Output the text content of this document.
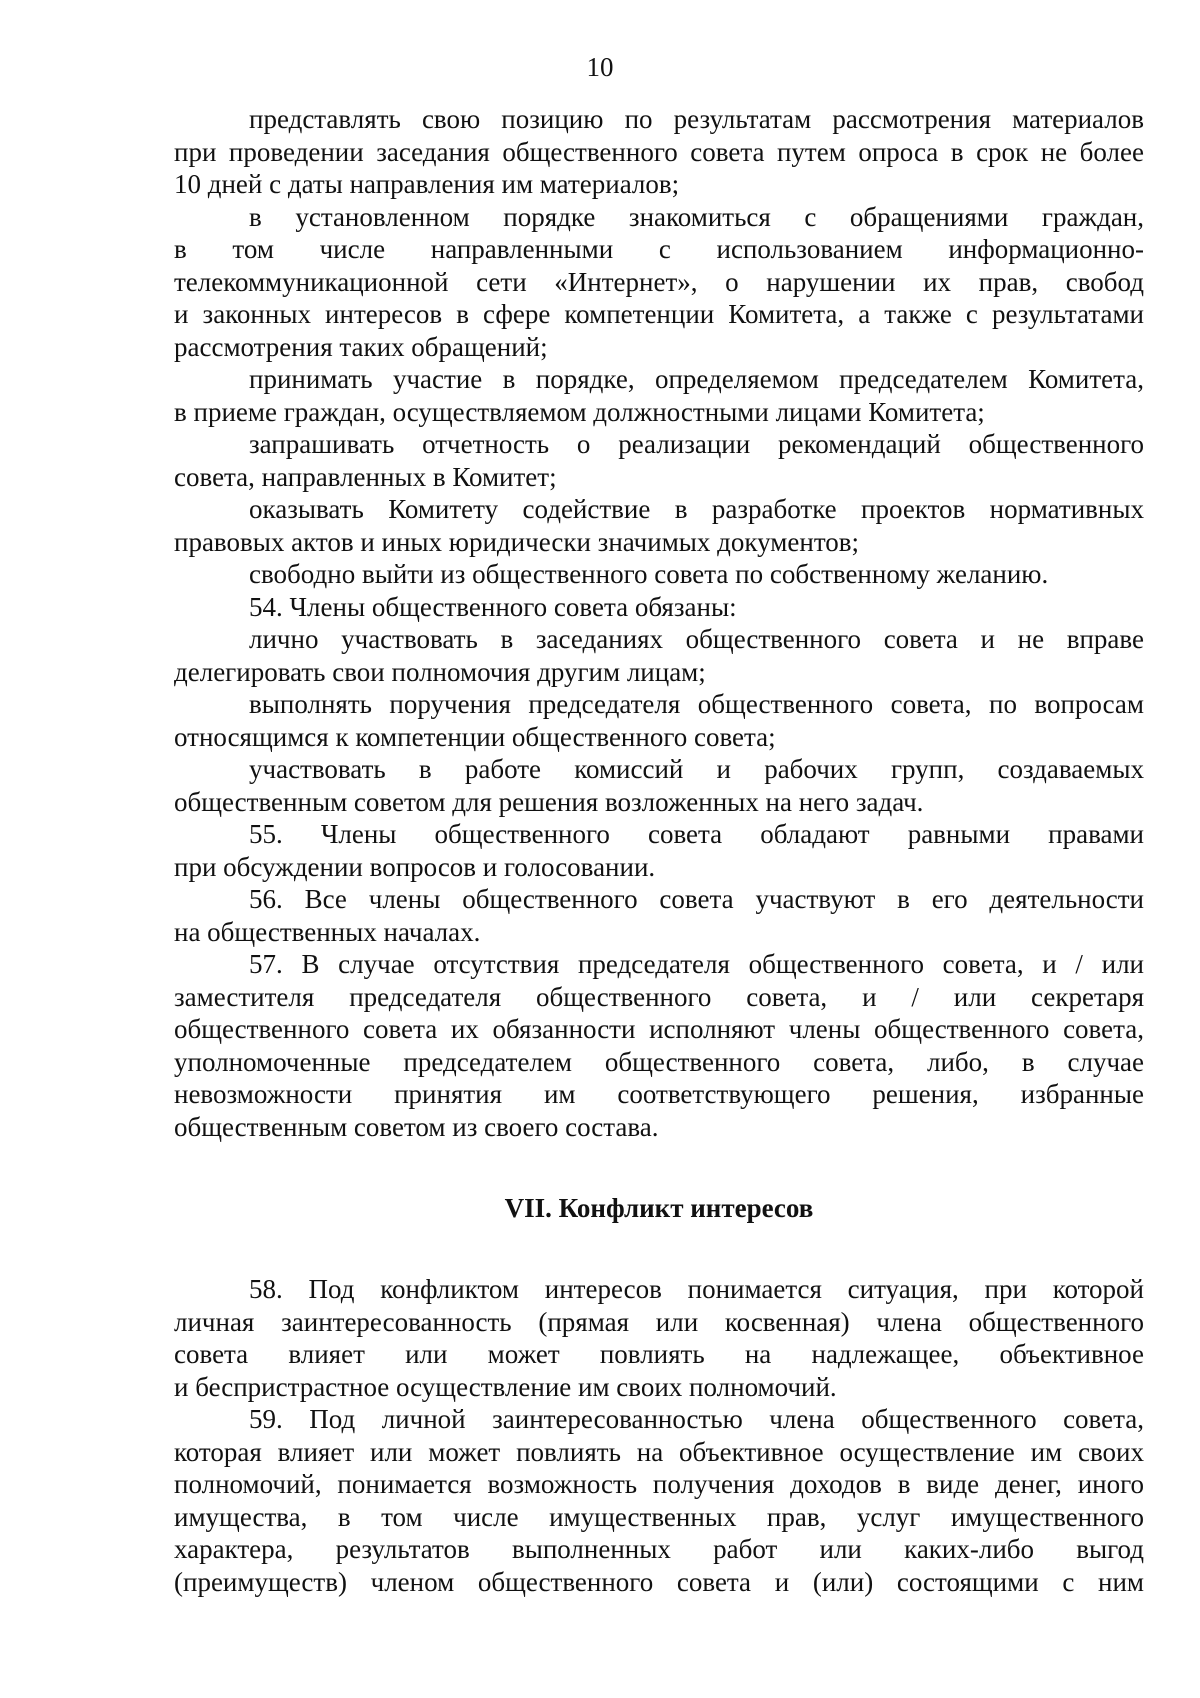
10
представлять свою позицию по результатам рассмотрения материалов
при проведении заседания общественного совета путем опроса в срок не более
10 дней с даты направления им материалов;
в установленном порядке знакомиться с обращениями граждан,
в том числе направленными с использованием информационно-
телекоммуникационной сети «Интернет», о нарушении их прав, свобод
и законных интересов в сфере компетенции Комитета, а также с результатами
рассмотрения таких обращений;
принимать участие в порядке, определяемом председателем Комитета,
в приеме граждан, осуществляемом должностными лицами Комитета;
запрашивать отчетность о реализации рекомендаций общественного
совета, направленных в Комитет;
оказывать Комитету содействие в разработке проектов нормативных
правовых актов и иных юридически значимых документов;
свободно выйти из общественного совета по собственному желанию.
54. Члены общественного совета обязаны:
лично участвовать в заседаниях общественного совета и не вправе
делегировать свои полномочия другим лицам;
выполнять поручения председателя общественного совета, по вопросам
относящимся к компетенции общественного совета;
участвовать в работе комиссий и рабочих групп, создаваемых
общественным советом для решения возложенных на него задач.
55. Члены общественного совета обладают равными правами
при обсуждении вопросов и голосовании.
56. Все члены общественного совета участвуют в его деятельности
на общественных началах.
57. В случае отсутствия председателя общественного совета, и / или
заместителя председателя общественного совета, и / или секретаря
общественного совета их обязанности исполняют члены общественного совета,
уполномоченные председателем общественного совета, либо, в случае
невозможности принятия им соответствующего решения, избранные
общественным советом из своего состава.
VII. Конфликт интересов
58. Под конфликтом интересов понимается ситуация, при которой
личная заинтересованность (прямая или косвенная) члена общественного
совета влияет или может повлиять на надлежащее, объективное
и беспристрастное осуществление им своих полномочий.
59. Под личной заинтересованностью члена общественного совета,
которая влияет или может повлиять на объективное осуществление им своих
полномочий, понимается возможность получения доходов в виде денег, иного
имущества, в том числе имущественных прав, услуг имущественного
характера, результатов выполненных работ или каких-либо выгод
(преимуществ) членом общественного совета и (или) состоящими с ним
